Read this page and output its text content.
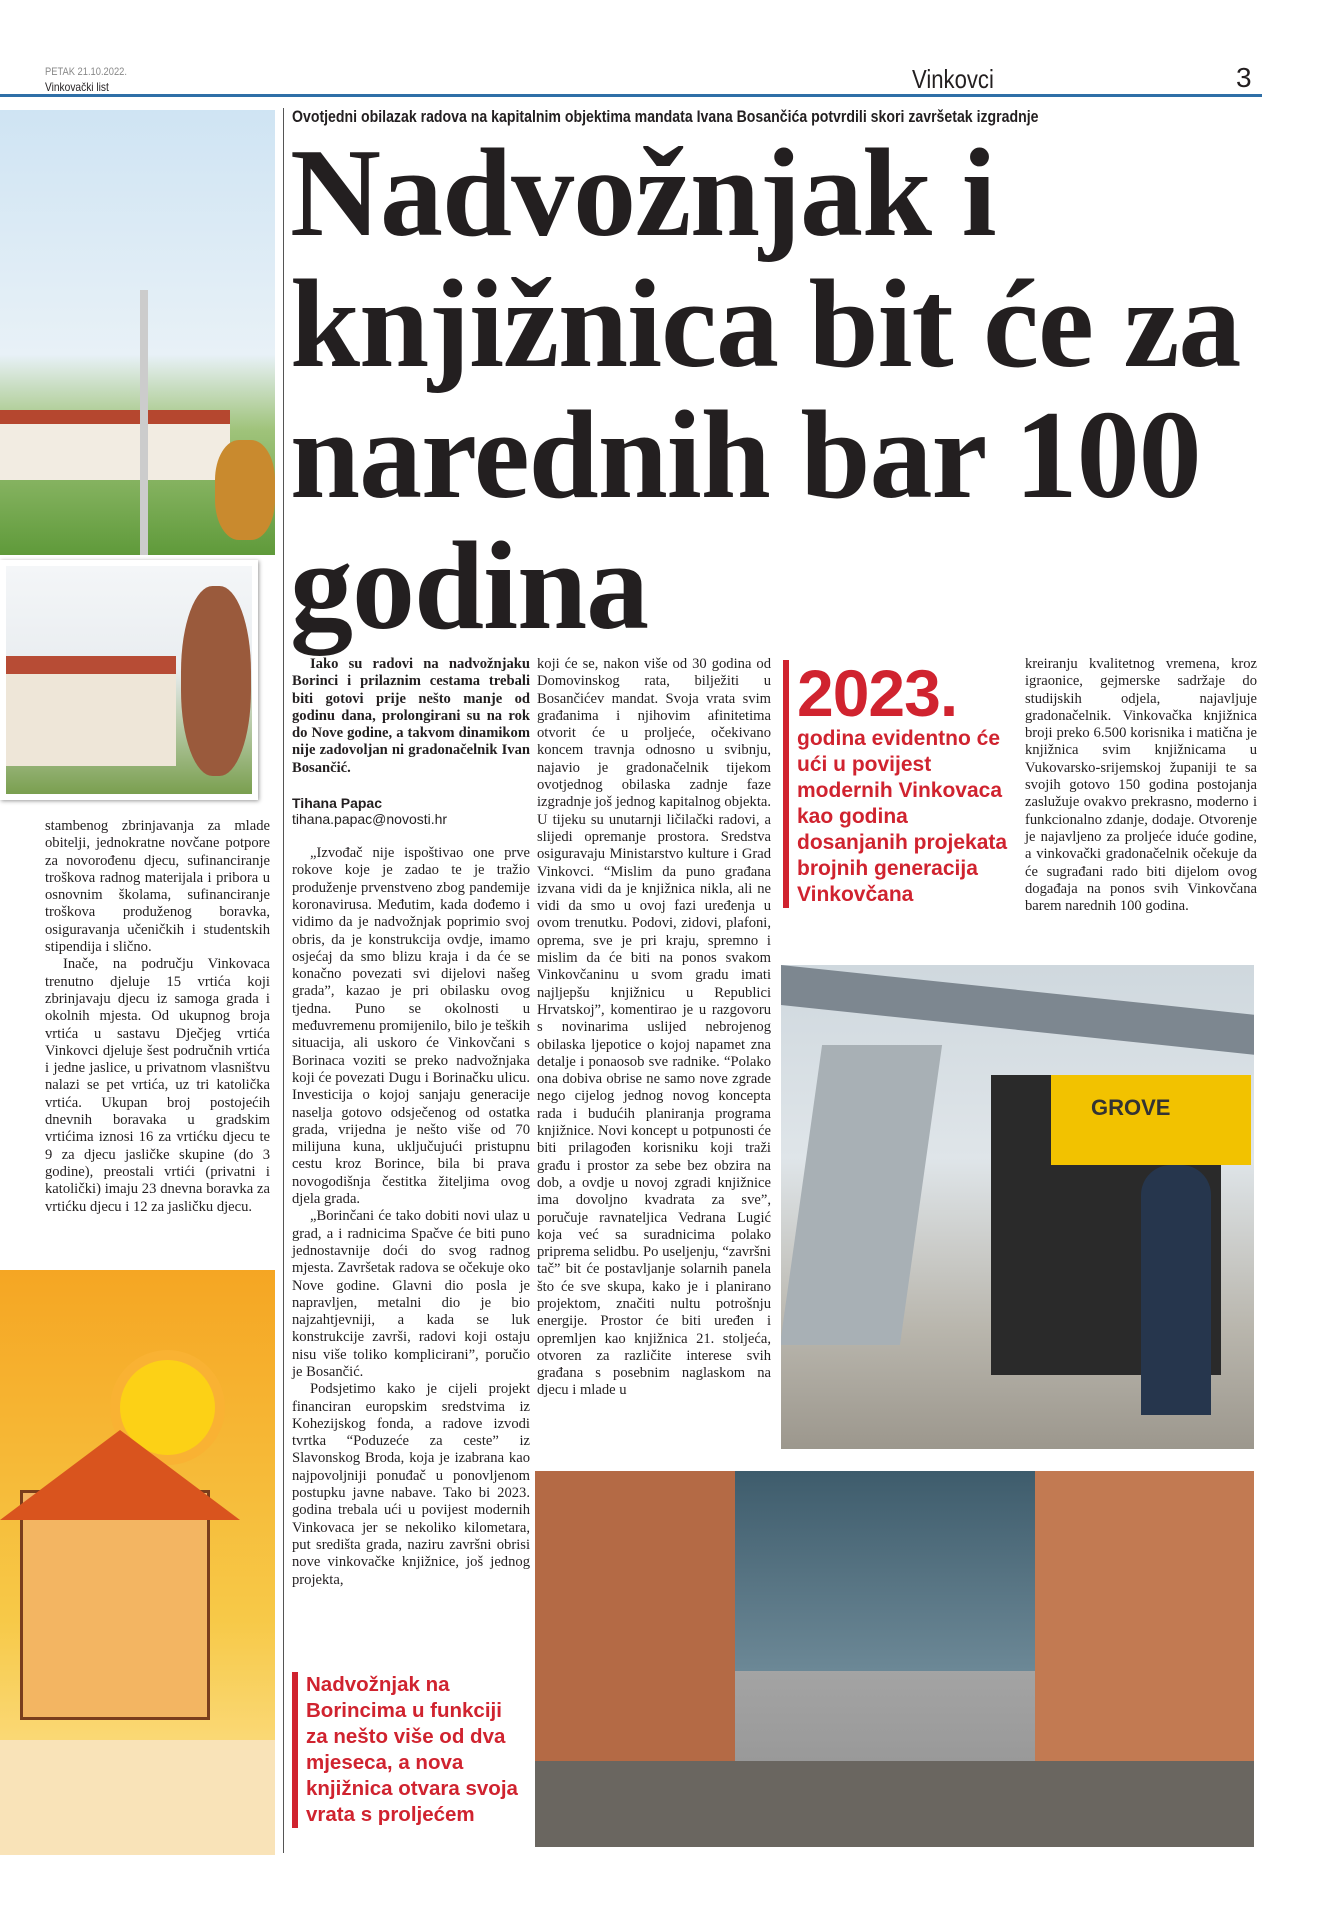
PETAK 21.10.2022.
Vinkovački list	Vinkovci	3

stambenog zbrinjavanja za mlade obitelji, jednokratne novčane potpore za novorođenu djecu, sufinanciranje troškova radnog materijala i pribora u osnovnim školama, sufinanciranje troškova produženog boravka, osiguravanja učeničkih i studentskih stipendija i slično.

Inače, na području Vinkovaca trenutno djeluje 15 vrtića koji zbrinjavaju djecu iz samoga grada i okolnih mjesta. Od ukupnog broja vrtića u sastavu Dječjeg vrtića Vinkovci djeluje šest područnih vrtića i jedne jaslice, u privatnom vlasništvu nalazi se pet vrtića, uz tri katolička vrtića. Ukupan broj postojećih dnevnih boravaka u gradskim vrtićima iznosi 16 za vrtićku djecu te 9 za djecu jasličke skupine (do 3 godine), preostali vrtići (privatni i katolički) imaju 23 dnevna boravka za vrtićku djecu i 12 za jasličku djecu.

Ovotjedni obilazak radova na kapitalnim objektima mandata Ivana Bosančića potvrdili skori završetak izgradnje
Nadvožnjak i knjižnica bit će za narednih bar 100 godina

Iako su radovi na nadvožnjaku Borinci i prilaznim cestama trebali biti gotovi prije nešto manje od godinu dana, prolongirani su na rok do Nove godine, a takvom dinamikom nije zadovoljan ni gradonačelnik Ivan Bosančić.

Tihana Papac
tihana.papac@novosti.hr

„Izvođač nije ispoštivao one prve rokove koje je zadao te je tražio produženje prvenstveno zbog pandemije koronavirusa. Međutim, kada dođemo i vidimo da je nadvožnjak poprimio svoj obris, da je konstrukcija ovdje, imamo osjećaj da smo blizu kraja i da će se konačno povezati svi dijelovi našeg grada”, kazao je pri obilasku ovog tjedna. Puno se okolnosti u međuvremenu promijenilo, bilo je teških situacija, ali uskoro će Vinkovčani s Borinaca voziti se preko nadvožnjaka koji će povezati Dugu i Borinačku ulicu. Investicija o kojoj sanjaju generacije naselja gotovo odsječenog od ostatka grada, vrijedna je nešto više od 70 milijuna kuna, uključujući pristupnu cestu kroz Borince, bila bi prava novogodišnja čestitka žiteljima ovog djela grada.

„Borinčani će tako dobiti novi ulaz u grad, a i radnicima Spačve će biti puno jednostavnije doći do svog radnog mjesta. Završetak radova se očekuje oko Nove godine. Glavni dio posla je napravljen, metalni dio je bio najzahtjevniji, a kada se luk konstrukcije završi, radovi koji ostaju nisu više toliko komplicirani”, poručio je Bosančić.

Podsjetimo kako je cijeli projekt financiran europskim sredstvima iz Kohezijskog fonda, a radove izvodi tvrtka “Poduzeće za ceste” iz Slavonskog Broda, koja je izabrana kao najpovoljniji ponuđač u ponovljenom postupku javne nabave. Tako bi 2023. godina trebala ući u povijest modernih Vinkovaca jer se nekoliko kilometara, put središta grada, naziru završni obrisi nove vinkovačke knjižnice, još jednog projekta,

Nadvožnjak na Borincima u funkciji za nešto više od dva mjeseca, a nova knjižnica otvara svoja vrata s proljećem

koji će se, nakon više od 30 godina od Domovinskog rata, bilježiti u Bosančićev mandat. Svoja vrata svim građanima i njihovim afinitetima otvorit će u proljeće, očekivano koncem travnja odnosno u svibnju, najavio je gradonačelnik tijekom ovotjednog obilaska zadnje faze izgradnje još jednog kapitalnog objekta. U tijeku su unutarnji ličilački radovi, a slijedi opremanje prostora. Sredstva osiguravaju Ministarstvo kulture i Grad Vinkovci. “Mislim da puno građana izvana vidi da je knjižnica nikla, ali ne vidi da smo u ovoj fazi uređenja u ovom trenutku. Podovi, zidovi, plafoni, oprema, sve je pri kraju, spremno i mislim da će biti na ponos svakom Vinkovčaninu u svom gradu imati najljepšu knjižnicu u Republici Hrvatskoj”, komentirao je u razgovoru s novinarima uslijed nebrojenog obilaska ljepotice o kojoj napamet zna detalje i ponaosob sve radnike. “Polako ona dobiva obrise ne samo nove zgrade nego cijelog jednog novog koncepta rada i budućih planiranja programa knjižnice. Novi koncept u potpunosti će biti prilagođen korisniku koji traži građu i prostor za sebe bez obzira na dob, a ovdje u novoj zgradi knjižnice ima dovoljno kvadrata za sve”, poručuje ravnateljica Vedrana Lugić koja već sa suradnicima polako priprema selidbu. Po useljenju, “završni tač” bit će postavljanje solarnih panela što će sve skupa, kako je i planirano projektom, značiti nultu potrošnju energije. Prostor će biti uređen i opremljen kao knjižnica 21. stoljeća, otvoren za različite interese svih građana s posebnim naglaskom na djecu i mlade u

2023.
godina evidentno će ući u povijest modernih Vinkovaca kao godina dosanjanih projekata brojnih generacija Vinkovčana

kreiranju kvalitetnog vremena, kroz igraonice, gejmerske sadržaje do studijskih odjela, najavljuje gradonačelnik. Vinkovačka knjižnica broji preko 6.500 korisnika i matična je knjižnica svim knjižnicama u Vukovarsko-srijemskoj županiji te sa svojih gotovo 150 godina postojanja zaslužuje ovakvo prekrasno, moderno i funkcionalno zdanje, dodaje. Otvorenje je najavljeno za proljeće iduće godine, a vinkovački gradonačelnik očekuje da će sugrađani rado biti dijelom ovog događaja na ponos svih Vinkovčana barem narednih 100 godina.

GROVE
